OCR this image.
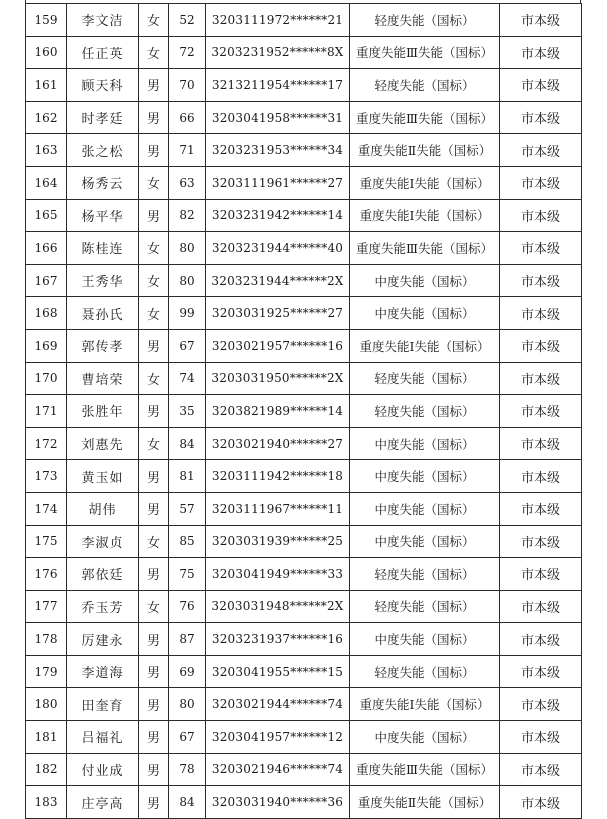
159	李文洁	女	52	3203111972******21	轻度失能（国标）	市本级
160	任正英	女	72	3203231952******8X	重度失能Ⅲ失能（国标）	市本级
161	顾天科	男	70	3213211954******17	轻度失能（国标）	市本级
162	时孝廷	男	66	3203041958******31	重度失能Ⅲ失能（国标）	市本级
163	张之松	男	71	3203231953******34	重度失能Ⅱ失能（国标）	市本级
164	杨秀云	女	63	3203111961******27	重度失能Ⅰ失能（国标）	市本级
165	杨平华	男	82	3203231942******14	重度失能Ⅰ失能（国标）	市本级
166	陈桂连	女	80	3203231944******40	重度失能Ⅲ失能（国标）	市本级
167	王秀华	女	80	3203231944******2X	中度失能（国标）	市本级
168	聂孙氏	女	99	3203031925******27	中度失能（国标）	市本级
169	郭传孝	男	67	3203021957******16	重度失能Ⅰ失能（国标）	市本级
170	曹培荣	女	74	3203031950******2X	轻度失能（国标）	市本级
171	张胜年	男	35	3203821989******14	轻度失能（国标）	市本级
172	刘惠先	女	84	3203021940******27	中度失能（国标）	市本级
173	黄玉如	男	81	3203111942******18	中度失能（国标）	市本级
174	胡伟	男	57	3203111967******11	中度失能（国标）	市本级
175	李淑贞	女	85	3203031939******25	中度失能（国标）	市本级
176	郭依廷	男	75	3203041949******33	轻度失能（国标）	市本级
177	乔玉芳	女	76	3203031948******2X	轻度失能（国标）	市本级
178	厉建永	男	87	3203231937******16	中度失能（国标）	市本级
179	李道海	男	69	3203041955******15	轻度失能（国标）	市本级
180	田奎育	男	80	3203021944******74	重度失能Ⅰ失能（国标）	市本级
181	吕福礼	男	67	3203041957******12	中度失能（国标）	市本级
182	付业成	男	78	3203021946******74	重度失能Ⅲ失能（国标）	市本级
183	庄亭高	男	84	3203031940******36	重度失能Ⅱ失能（国标）	市本级
